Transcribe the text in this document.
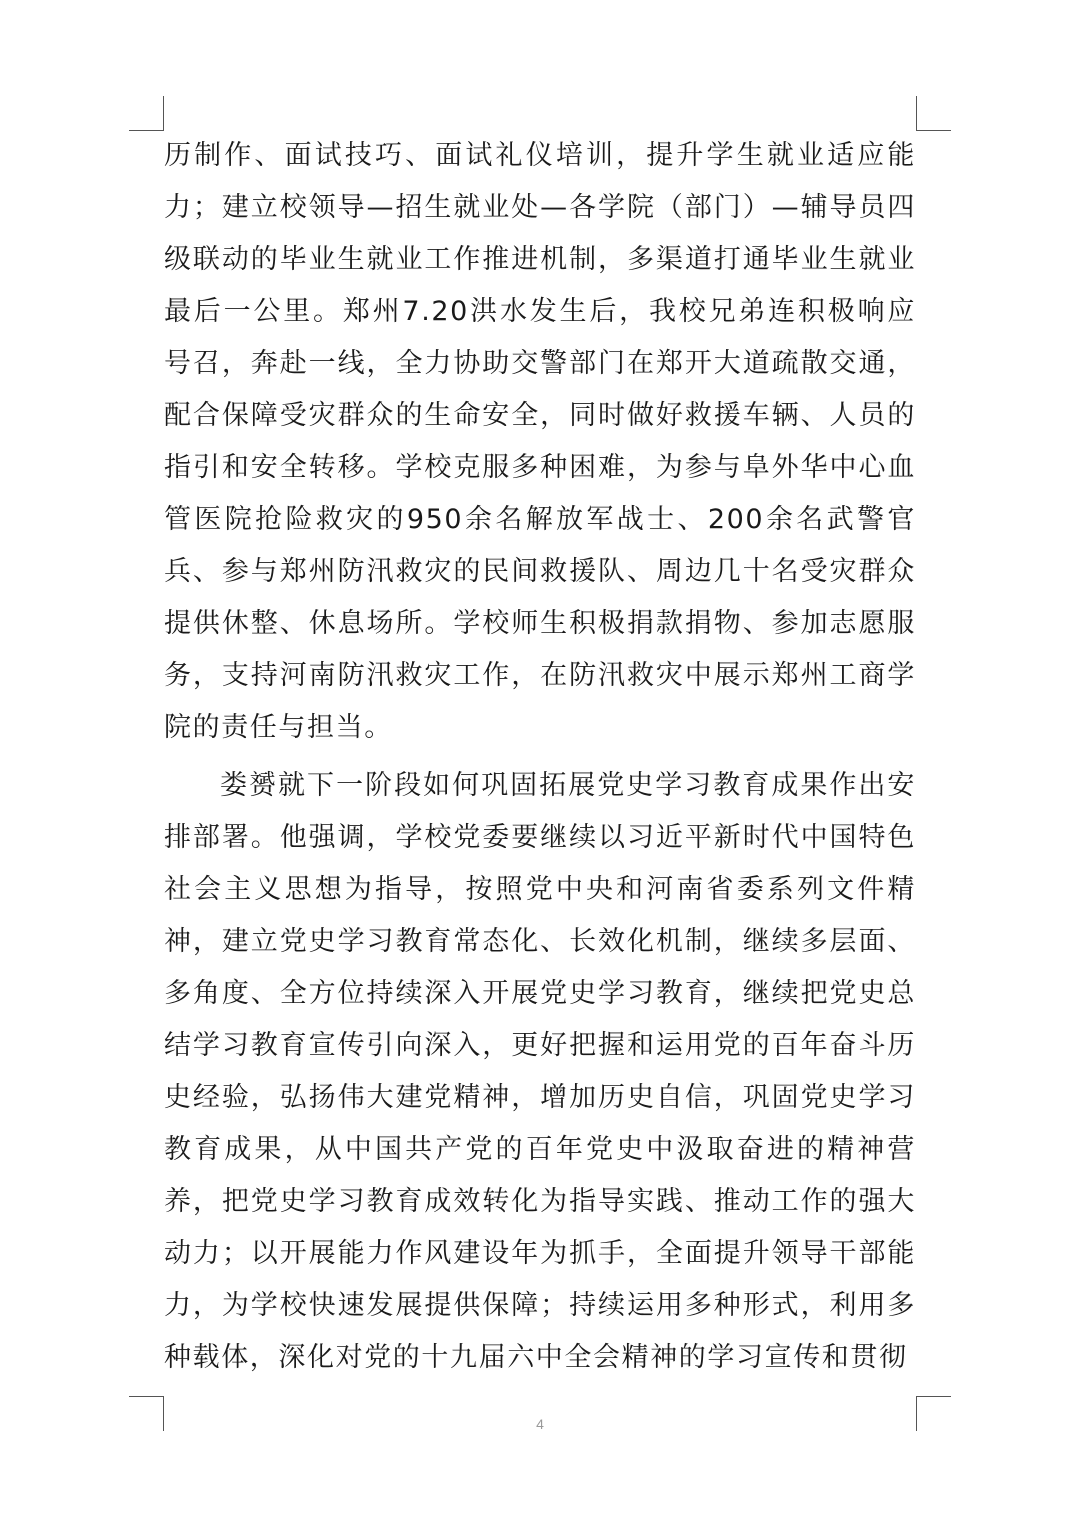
历制作、面试技巧、面试礼仪培训，提升学生就业适应能力；建立校领导—招生就业处—各学院（部门）—辅导员四级联动的毕业生就业工作推进机制，多渠道打通毕业生就业最后一公里。郑州7.20洪水发生后，我校兄弟连积极响应号召，奔赴一线，全力协助交警部门在郑开大道疏散交通，配合保障受灾群众的生命安全，同时做好救援车辆、人员的指引和安全转移。学校克服多种困难，为参与阜外华中心血管医院抢险救灾的950余名解放军战士、200余名武警官兵、参与郑州防汛救灾的民间救援队、周边几十名受灾群众提供休整、休息场所。学校师生积极捐款捐物、参加志愿服务，支持河南防汛救灾工作，在防汛救灾中展示郑州工商学院的责任与担当。

娄赟就下一阶段如何巩固拓展党史学习教育成果作出安排部署。他强调，学校党委要继续以习近平新时代中国特色社会主义思想为指导，按照党中央和河南省委系列文件精神，建立党史学习教育常态化、长效化机制，继续多层面、多角度、全方位持续深入开展党史学习教育，继续把党史总结学习教育宣传引向深入，更好把握和运用党的百年奋斗历史经验，弘扬伟大建党精神，增加历史自信，巩固党史学习教育成果，从中国共产党的百年党史中汲取奋进的精神营养，把党史学习教育成效转化为指导实践、推动工作的强大动力；以开展能力作风建设年为抓手，全面提升领导干部能力，为学校快速发展提供保障；持续运用多种形式，利用多种载体，深化对党的十九届六中全会精神的学习宣传和贯彻

4
